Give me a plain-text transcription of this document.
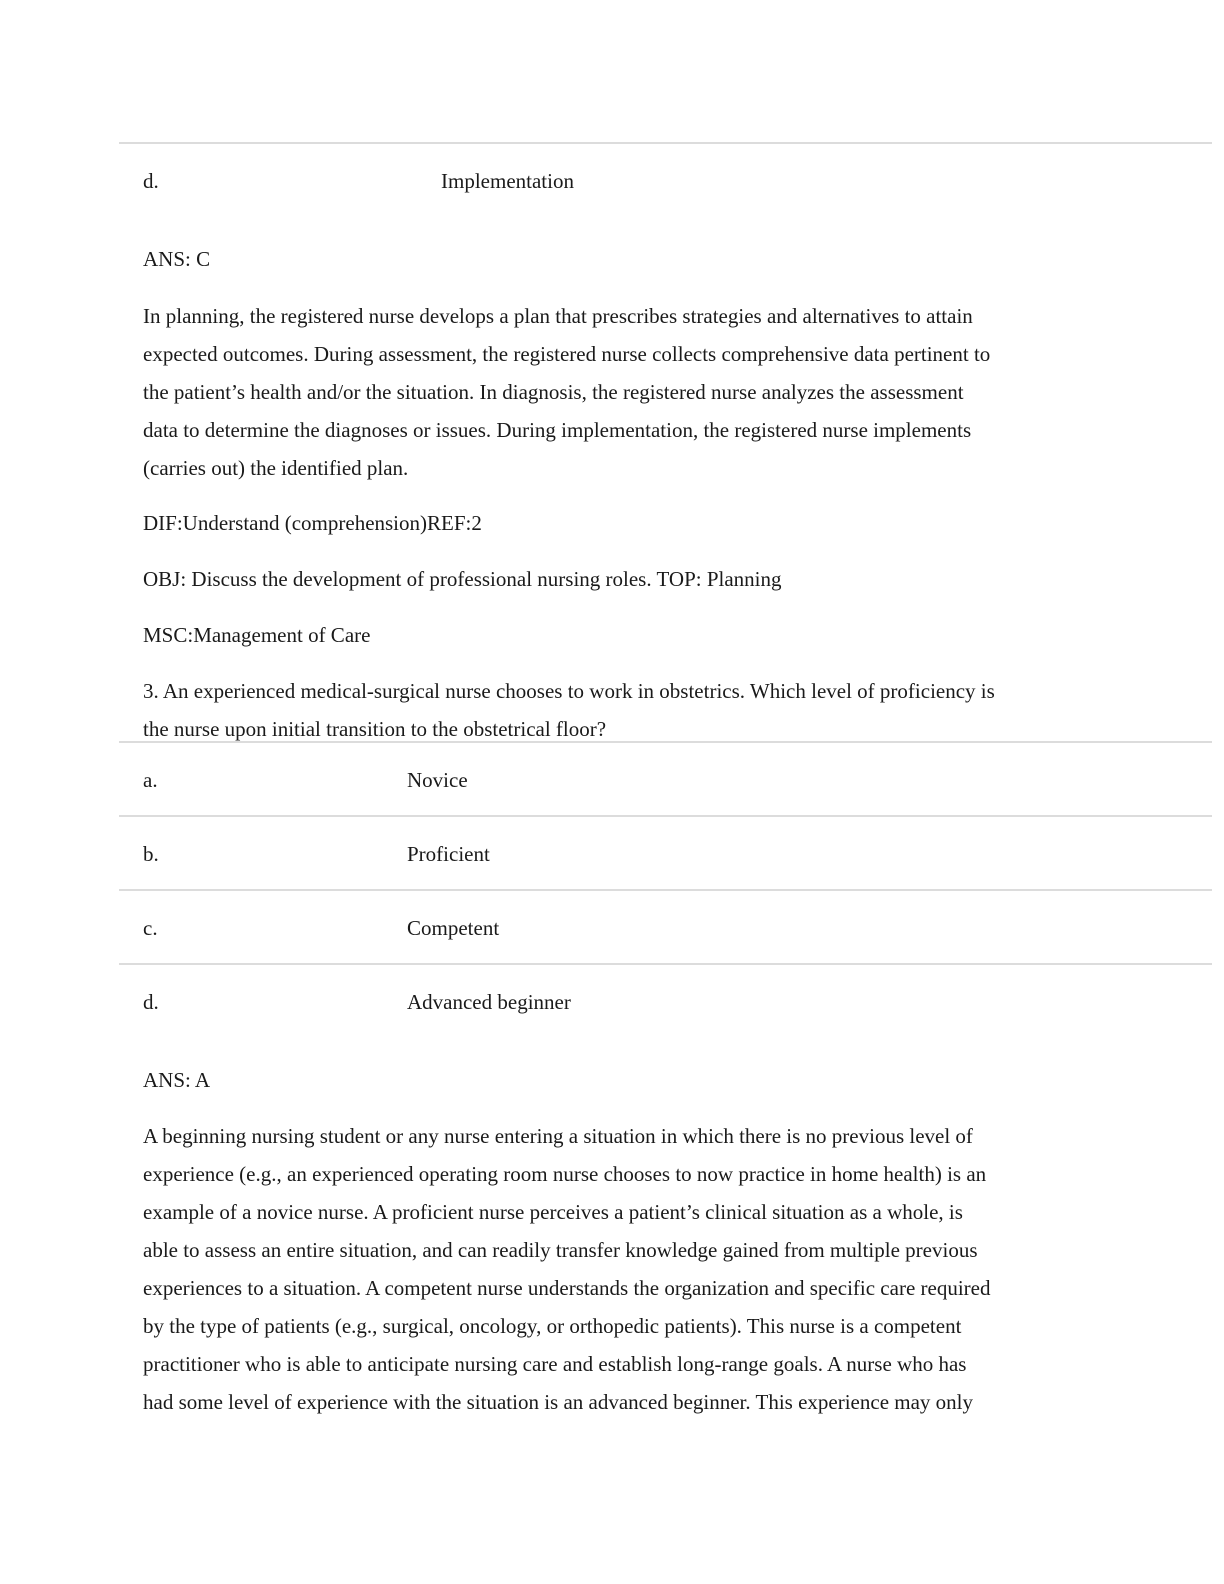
d.	Implementation
ANS: C
In planning, the registered nurse develops a plan that prescribes strategies and alternatives to attain
expected outcomes. During assessment, the registered nurse collects comprehensive data pertinent to
the patient’s health and/or the situation. In diagnosis, the registered nurse analyzes the assessment
data to determine the diagnoses or issues. During implementation, the registered nurse implements
(carries out) the identified plan.
DIF:Understand (comprehension)REF:2
OBJ: Discuss the development of professional nursing roles. TOP: Planning
MSC:Management of Care
3. An experienced medical-surgical nurse chooses to work in obstetrics. Which level of proficiency is
the nurse upon initial transition to the obstetrical floor?
a.	Novice
b.	Proficient
c.	Competent
d.	Advanced beginner
ANS: A
A beginning nursing student or any nurse entering a situation in which there is no previous level of
experience (e.g., an experienced operating room nurse chooses to now practice in home health) is an
example of a novice nurse. A proficient nurse perceives a patient’s clinical situation as a whole, is
able to assess an entire situation, and can readily transfer knowledge gained from multiple previous
experiences to a situation. A competent nurse understands the organization and specific care required
by the type of patients (e.g., surgical, oncology, or orthopedic patients). This nurse is a competent
practitioner who is able to anticipate nursing care and establish long-range goals. A nurse who has
had some level of experience with the situation is an advanced beginner. This experience may only
